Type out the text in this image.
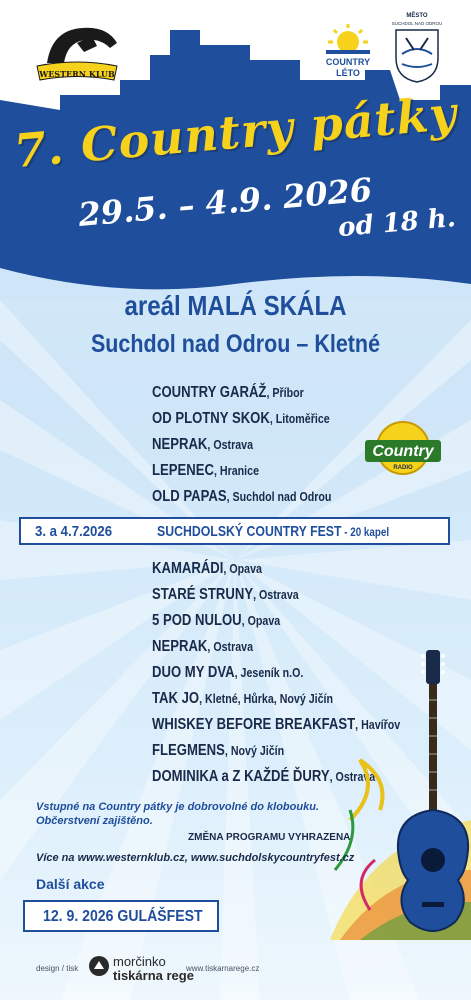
WESTERN KLUB
COUNTRY
LÉTO
MĚSTO
SUCHDOL NAD ODROU
7. Country pátky
29.5. – 4.9. 2026
od 18 h.
areál MALÁ SKÁLA
Suchdol nad Odrou – Kletné
COUNTRY GARÁŽ, Příbor
OD PLOTNY SKOK, Litoměřice
NEPRAK, Ostrava
LEPENEC, Hranice
OLD PAPAS, Suchdol nad Odrou
Country
RADIO
3. a 4.7.2026	SUCHDOLSKÝ COUNTRY FEST - 20 kapel
KAMARÁDI, Opava
STARÉ STRUNY, Ostrava
5 POD NULOU, Opava
NEPRAK, Ostrava
DUO MY DVA, Jeseník n.O.
TAK JO, Kletné, Hůrka, Nový Jičín
WHISKEY BEFORE BREAKFAST, Havířov
FLEGMENS, Nový Jičín
DOMINIKA a Z KAŽDÉ ĎURY, Ostrava
Vstupné na Country pátky je dobrovolné do klobouku.
Občerstvení zajištěno.
ZMĚNA PROGRAMU VYHRAZENA
Více na www.westernklub.cz, www.suchdolskycountryfest.cz
Další akce
12. 9. 2026 GULÁŠFEST
design / tisk	morčinko
tiskárna rege
www.tiskarnarege.cz
